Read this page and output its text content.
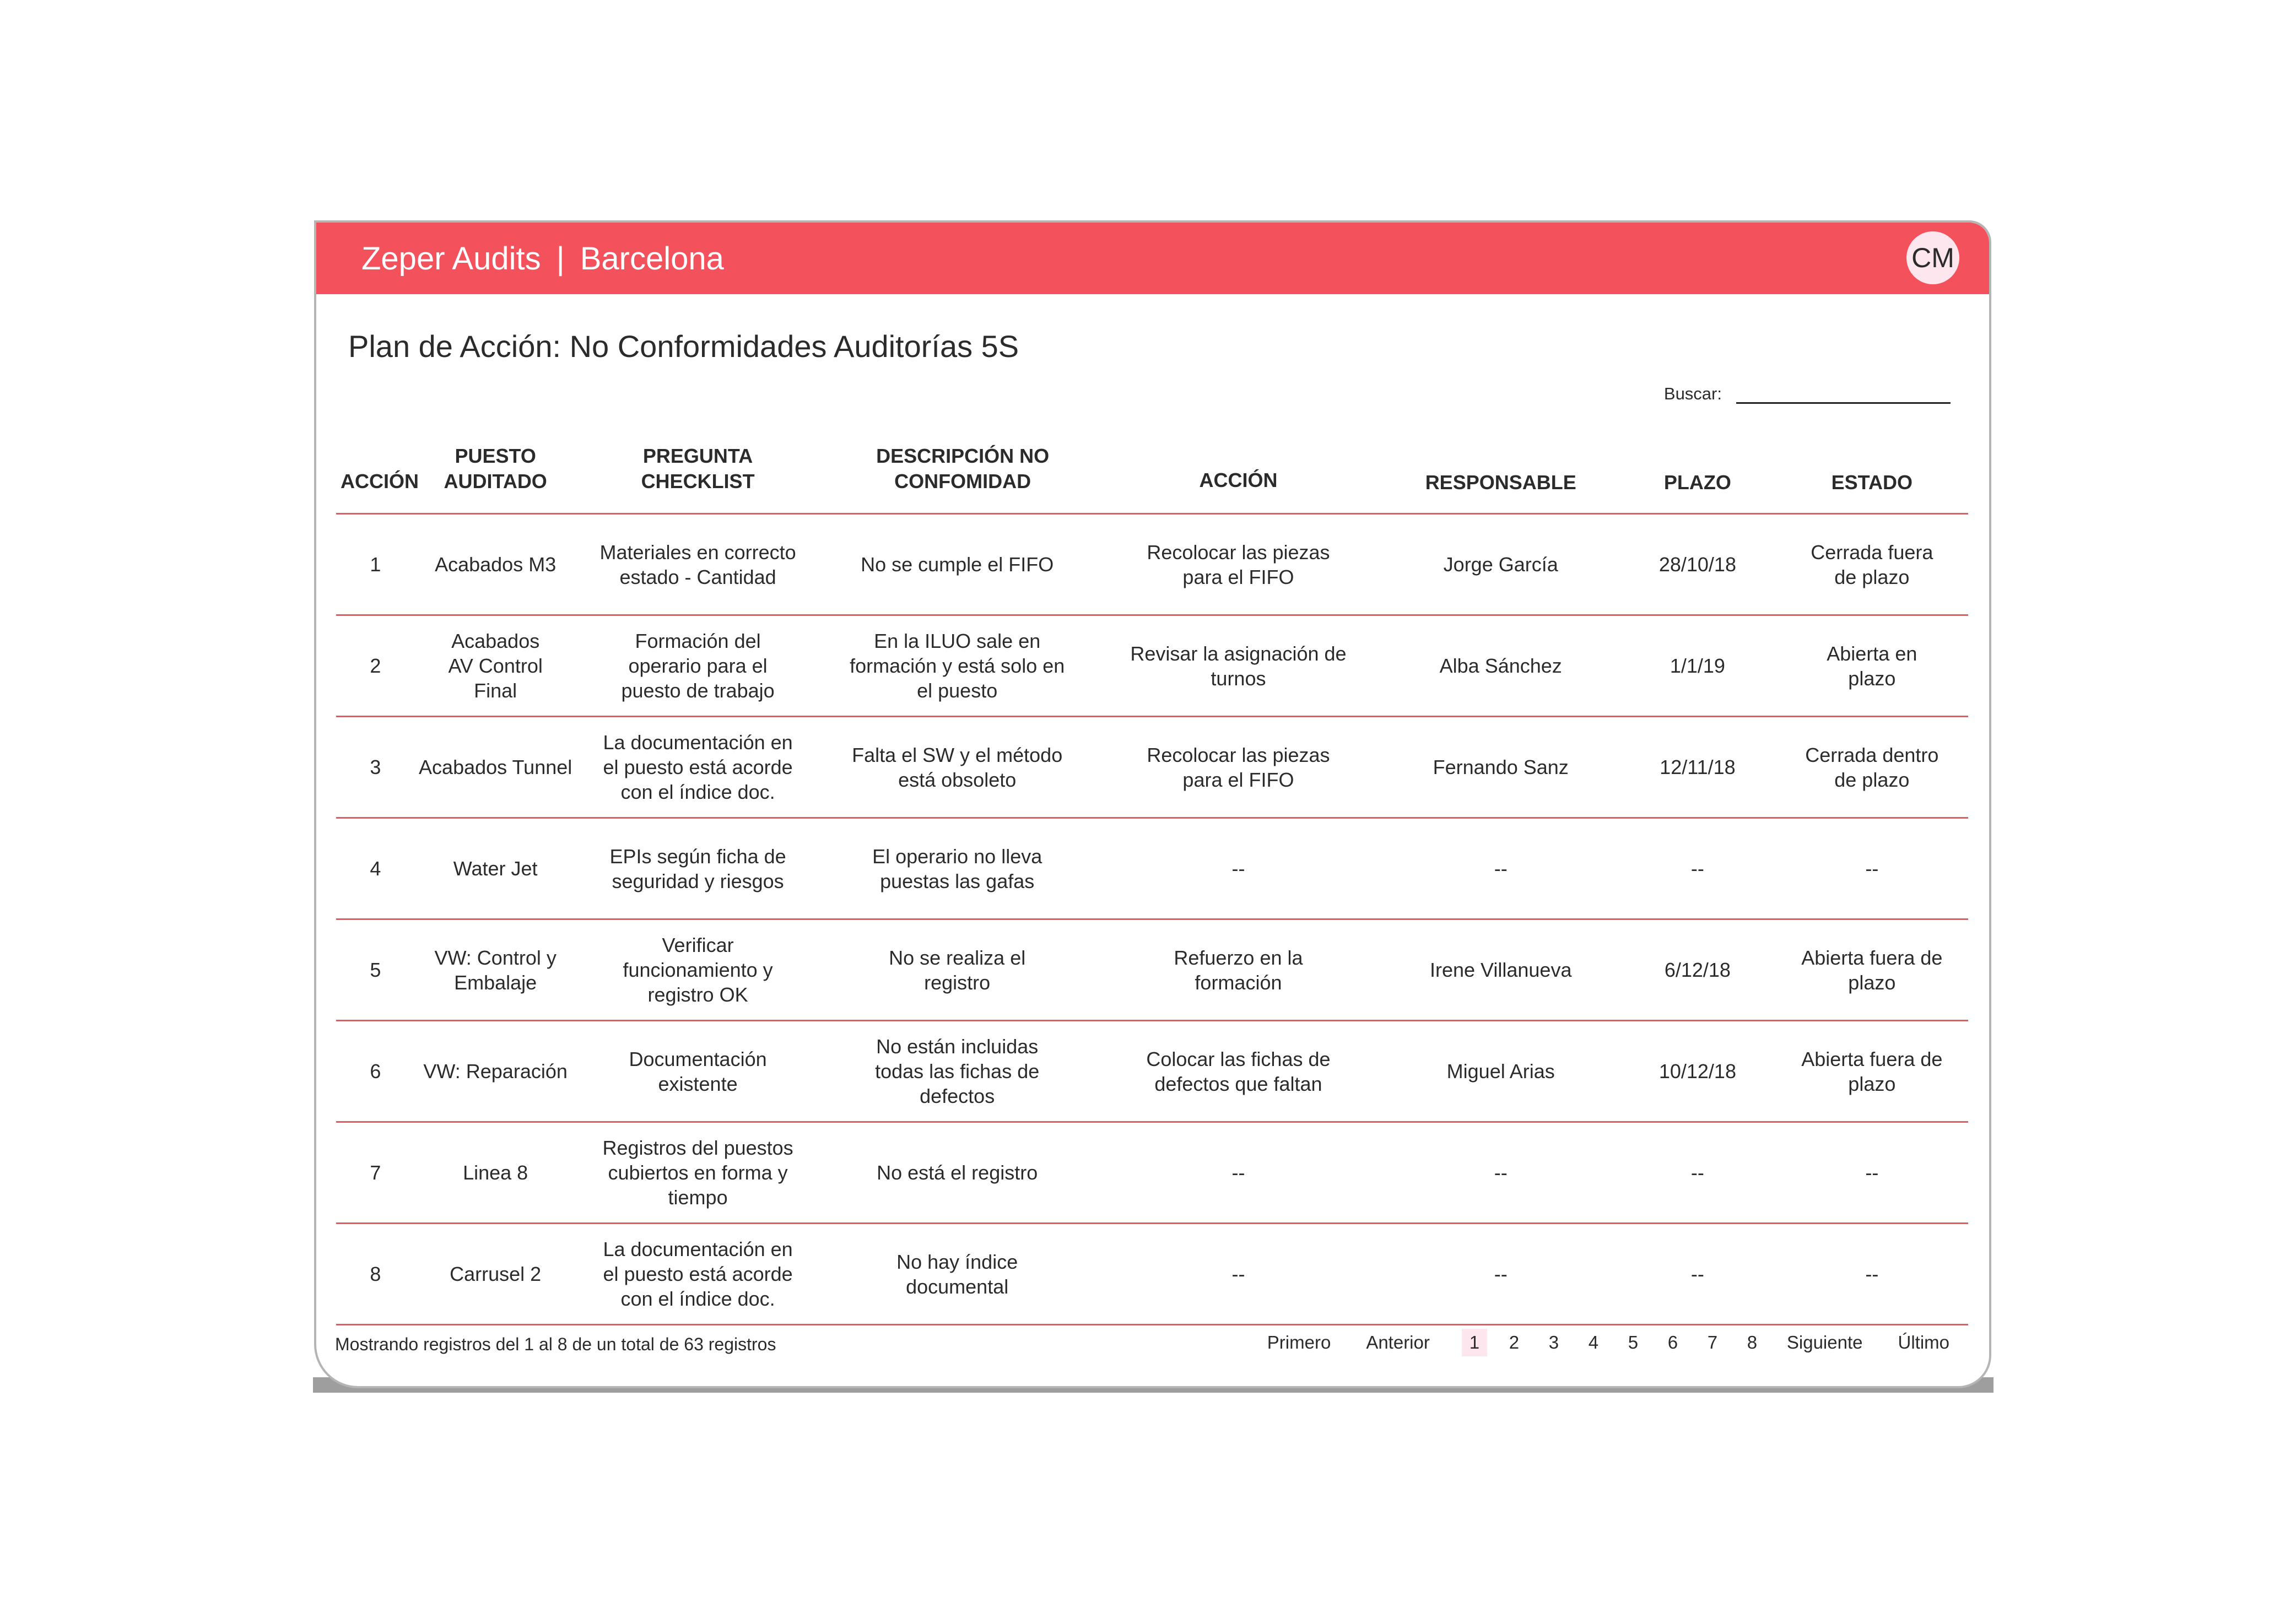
Zeper Audits | Barcelona	CM
Plan de Acción: No Conformidades Auditorías 5S
Buscar:
ACCIÓN	PUESTO AUDITADO	PREGUNTA CHECKLIST	DESCRIPCIÓN NO CONFOMIDAD	ACCIÓN	RESPONSABLE	PLAZO	ESTADO
1	Acabados M3	Materiales en correcto estado - Cantidad	No se cumple el FIFO	Recolocar las piezas para el FIFO	Jorge García	28/10/18	Cerrada fuera de plazo
2	Acabados AV Control Final	Formación del operario para el puesto de trabajo	En la ILUO sale en formación y está solo en el puesto	Revisar la asignación de turnos	Alba Sánchez	1/1/19	Abierta en plazo
3	Acabados Tunnel	La documentación en el puesto está acorde con el índice doc.	Falta el SW y el método está obsoleto	Recolocar las piezas para el FIFO	Fernando Sanz	12/11/18	Cerrada dentro de plazo
4	Water Jet	EPIs según ficha de seguridad y riesgos	El operario no lleva puestas las gafas	--	--	--	--
5	VW: Control y Embalaje	Verificar funcionamiento y registro OK	No se realiza el registro	Refuerzo en la formación	Irene Villanueva	6/12/18	Abierta fuera de plazo
6	VW: Reparación	Documentación existente	No están incluidas todas las fichas de defectos	Colocar las fichas de defectos que faltan	Miguel Arias	10/12/18	Abierta fuera de plazo
7	Linea 8	Registros del puestos cubiertos en forma y tiempo	No está el registro	--	--	--	--
8	Carrusel 2	La documentación en el puesto está acorde con el índice doc.	No hay índice documental	--	--	--	--
Mostrando registros del 1 al 8 de un total de 63 registros	Primero Anterior	1	2	3	4	5	6	7	8	Siguiente Último
